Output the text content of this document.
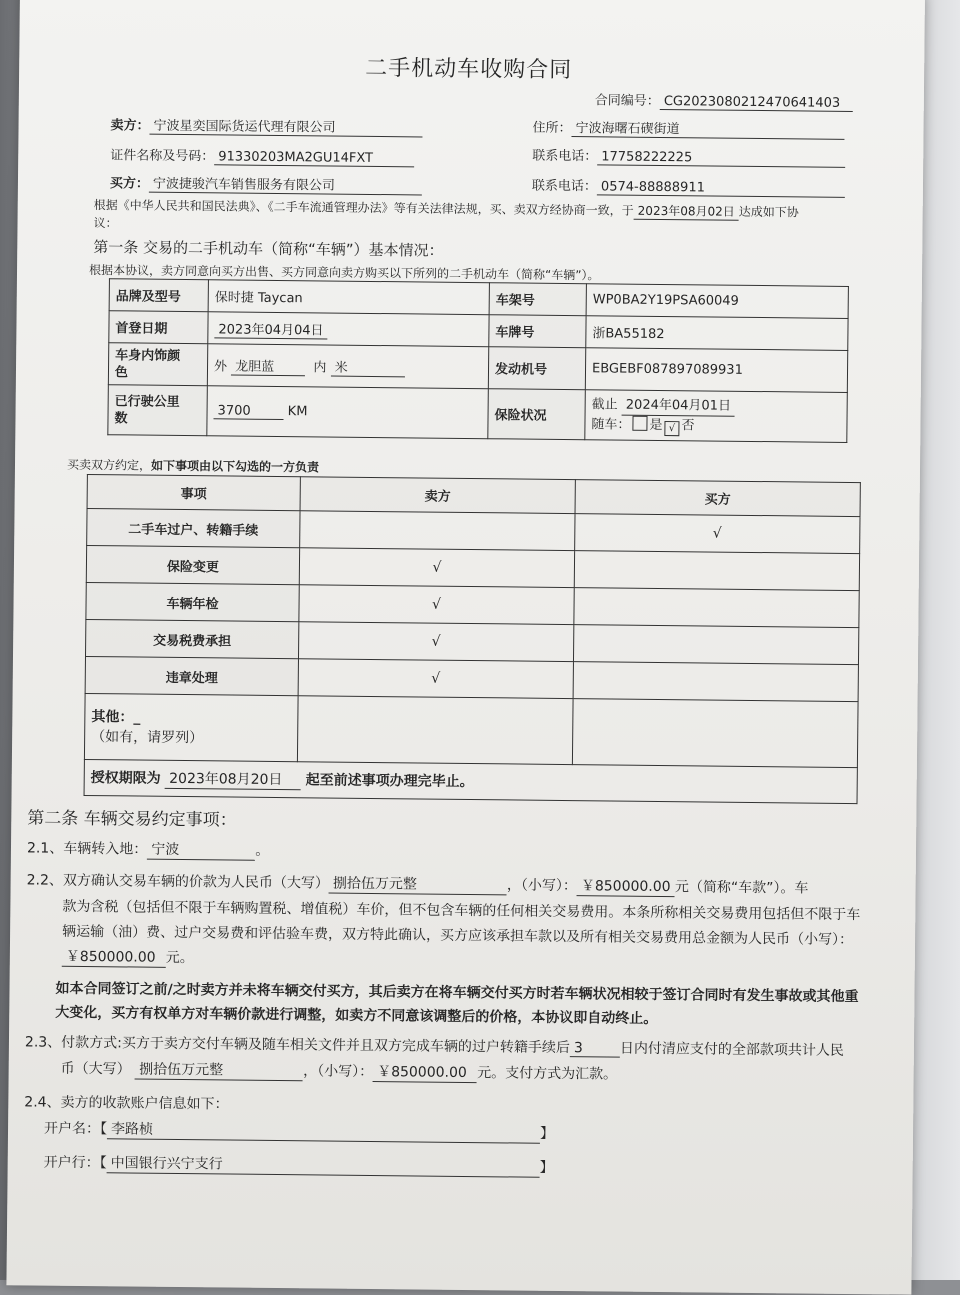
二手机动车收购合同
合同编号： CG2023080212470641403
卖方： 宁波星奕国际货运代理有限公司	住所： 宁波海曙石碶街道
证件名称及号码： 91330203MA2GU14FXT	联系电话： 17758222225
买方： 宁波捷骏汽车销售服务有限公司	联系电话： 0574-88888911
根据《中华人民共和国民法典》、《二手车流通管理办法》等有关法律法规，买、卖双方经协商一致，于 2023年08月02日 达成如下协
议：
第一条 交易的二手机动车（简称“车辆”）基本情况：
根据本协议，卖方同意向买方出售、买方同意向卖方购买以下所列的二手机动车（简称“车辆”）。
品牌及型号	保时捷 Taycan	车架号	WP0BA2Y19PSA60049
首登日期	2023年04月04日	车牌号	浙BA55182
车身内饰颜
色	外 龙胆蓝 内 米	发动机号	EBGEBF087897089931
已行驶公里
数	3700 KM	保险状况	截止 2024年04月01日
随车： 是 √ 否
买卖双方约定，如下事项由以下勾选的一方负责
事项	卖方	买方
二手车过户、转籍手续		√
保险变更	√	
车辆年检	√	
交易税费承担	√	
违章处理	√	
其他：_
（如有，请罗列）		
授权期限为 2023年08月20日 起至前述事项办理完毕止。		
第二条 车辆交易约定事项：
2.1、车辆转入地： 宁波	。
2.2、双方确认交易车辆的价款为人民币（大写） 捌拾伍万元整	，（小写）： ￥850000.00 元（简称“车款”）。车
款为含税（包括但不限于车辆购置税、增值税）车价，但不包含车辆的任何相关交易费用。本条所称相关交易费用包括但不限于车
辆运输（油）费、过户交易费和评估验车费，双方特此确认，买方应该承担车款以及所有相关交易费用总金额为人民币（小写）：
￥850000.00 元。
如本合同签订之前/之时卖方并未将车辆交付买方，其后卖方在将车辆交付买方时若车辆状况相较于签订合同时有发生事故或其他重
大变化，买方有权单方对车辆价款进行调整，如卖方不同意该调整后的价格，本协议即自动终止。
2.3、付款方式:买方于卖方交付车辆及随车相关文件并且双方完成车辆的过户转籍手续后 3	日内付清应支付的全部款项共计人民
币（大写） 捌拾伍万元整	，（小写）： ￥850000.00 元。支付方式为汇款。
2.4、卖方的收款账户信息如下：
开户名：【 李路桢	】
开户行：【 中国银行兴宁支行	】
